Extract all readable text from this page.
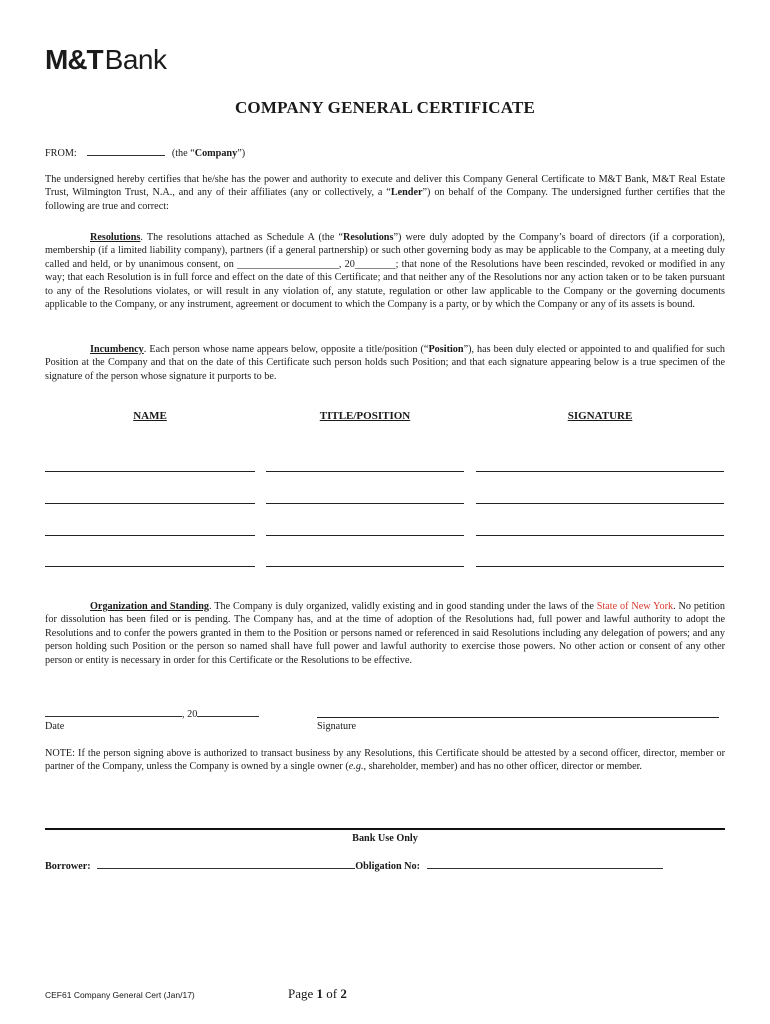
M&TBank
COMPANY GENERAL CERTIFICATE
FROM:	(the “Company”)
The undersigned hereby certifies that he/she has the power and authority to execute and deliver this Company General Certificate to M&T Bank, M&T Real Estate Trust, Wilmington Trust, N.A., and any of their affiliates (any or collectively, a “Lender”) on behalf of the Company. The undersigned further certifies that the following are true and correct:
Resolutions. The resolutions attached as Schedule A (the “Resolutions”) were duly adopted by the Company’s board of directors (if a corporation), membership (if a limited liability company), partners (if a general partnership) or such other governing body as may be applicable to the Company, at a meeting duly called and held, or by unanimous consent, on ____________________, 20________; that none of the Resolutions have been rescinded, revoked or modified in any way; that each Resolution is in full force and effect on the date of this Certificate; and that neither any of the Resolutions nor any action taken or to be taken pursuant to any of the Resolutions violates, or will result in any violation of, any statute, regulation or other law applicable to the Company or the governing documents applicable to the Company, or any instrument, agreement or document to which the Company is a party, or by which the Company or any of its assets is bound.
Incumbency. Each person whose name appears below, opposite a title/position (“Position”), has been duly elected or appointed to and qualified for such Position at the Company and that on the date of this Certificate such person holds such Position; and that each signature appearing below is a true specimen of the signature of the person whose signature it purports to be.
NAME	TITLE/POSITION	SIGNATURE
Organization and Standing. The Company is duly organized, validly existing and in good standing under the laws of the State of New York. No petition for dissolution has been filed or is pending. The Company has, and at the time of adoption of the Resolutions had, full power and lawful authority to adopt the Resolutions and to confer the powers granted in them to the Position or persons named or referenced in said Resolutions including any delegation of powers; and any person holding such Position or the person so named shall have full power and lawful authority to exercise those powers. No other action or consent of any other person or entity is necessary in order for this Certificate or the Resolutions to be effective.
, 20
Date	Signature
NOTE: If the person signing above is authorized to transact business by any Resolutions, this Certificate should be attested by a second officer, director, member or partner of the Company, unless the Company is owned by a single owner (e.g., shareholder, member) and has no other officer, director or member.
Bank Use Only
Borrower:	Obligation No:
CEF61 Company General Cert (Jan/17)	Page 1 of 2
